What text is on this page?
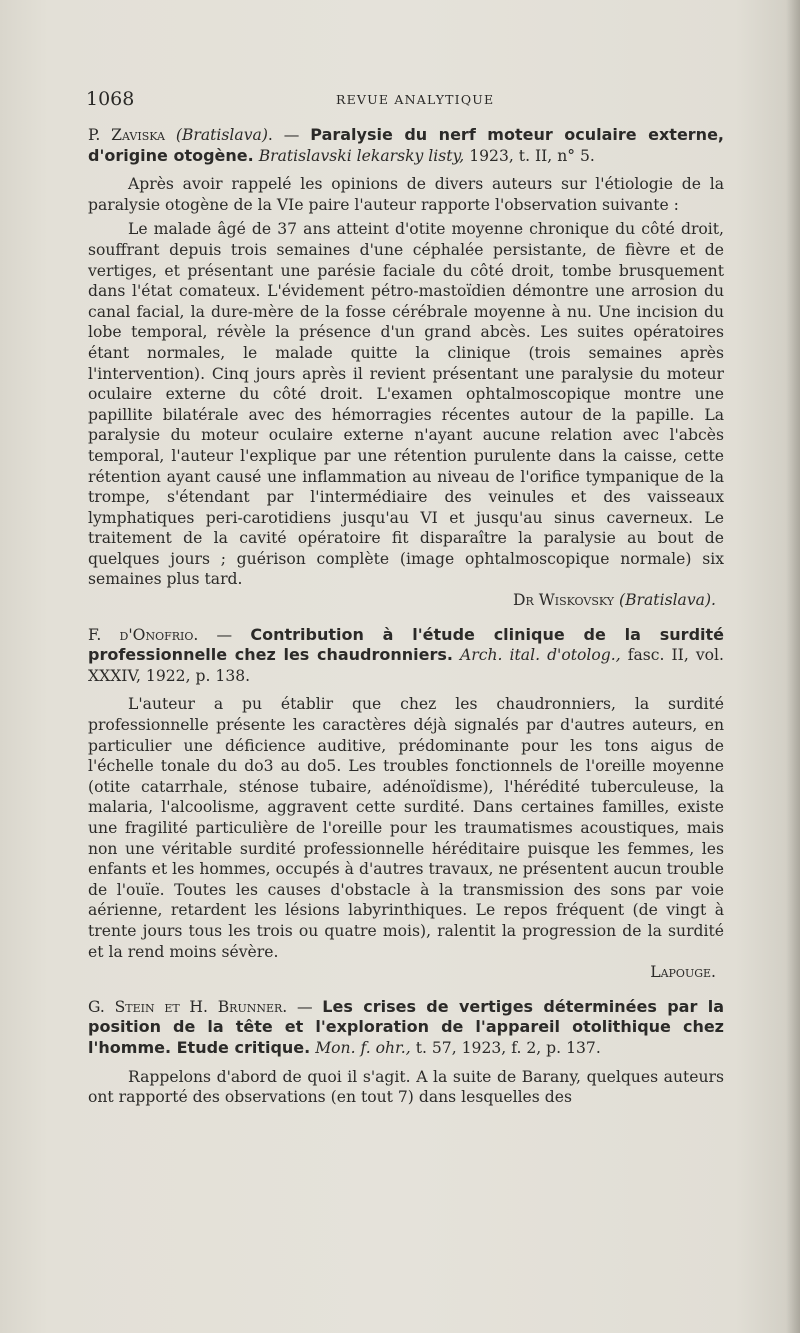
1068	REVUE ANALYTIQUE

P. Zaviska (Bratislava). — Paralysie du nerf moteur oculaire externe, d'origine otogène. Bratislavski lekarsky listy, 1923, t. II, n° 5.

Après avoir rappelé les opinions de divers auteurs sur l'étiologie de la paralysie otogène de la VIe paire l'auteur rapporte l'observation suivante :

Le malade âgé de 37 ans atteint d'otite moyenne chronique du côté droit, souffrant depuis trois semaines d'une céphalée persistante, de fièvre et de vertiges, et présentant une parésie faciale du côté droit, tombe brusquement dans l'état comateux. L'évidement pétro-mastoïdien démontre une arrosion du canal facial, la dure-mère de la fosse cérébrale moyenne à nu. Une incision du lobe temporal, révèle la présence d'un grand abcès. Les suites opératoires étant normales, le malade quitte la clinique (trois semaines après l'intervention). Cinq jours après il revient présentant une paralysie du moteur oculaire externe du côté droit. L'examen ophtalmoscopique montre une papillite bilatérale avec des hémorragies récentes autour de la papille. La paralysie du moteur oculaire externe n'ayant aucune relation avec l'abcès temporal, l'auteur l'explique par une rétention purulente dans la caisse, cette rétention ayant causé une inflammation au niveau de l'orifice tympanique de la trompe, s'étendant par l'intermédiaire des veinules et des vaisseaux lymphatiques peri-carotidiens jusqu'au VI et jusqu'au sinus caverneux. Le traitement de la cavité opératoire fit disparaître la paralysie au bout de quelques jours ; guérison complète (image ophtalmoscopique normale) six semaines plus tard.

Dr Wiskovsky (Bratislava).

F. d'Onofrio. — Contribution à l'étude clinique de la surdité professionnelle chez les chaudronniers. Arch. ital. d'otolog., fasc. II, vol. XXXIV, 1922, p. 138.

L'auteur a pu établir que chez les chaudronniers, la surdité professionnelle présente les caractères déjà signalés par d'autres auteurs, en particulier une déficience auditive, prédominante pour les tons aigus de l'échelle tonale du do3 au do5. Les troubles fonctionnels de l'oreille moyenne (otite catarrhale, sténose tubaire, adénoïdisme), l'hérédité tuberculeuse, la malaria, l'alcoolisme, aggravent cette surdité. Dans certaines familles, existe une fragilité particulière de l'oreille pour les traumatismes acoustiques, mais non une véritable surdité professionnelle héréditaire puisque les femmes, les enfants et les hommes, occupés à d'autres travaux, ne présentent aucun trouble de l'ouïe. Toutes les causes d'obstacle à la transmission des sons par voie aérienne, retardent les lésions labyrinthiques. Le repos fréquent (de vingt à trente jours tous les trois ou quatre mois), ralentit la progression de la surdité et la rend moins sévère.

Lapouge.

G. Stein et H. Brunner. — Les crises de vertiges déterminées par la position de la tête et l'exploration de l'appareil otolithique chez l'homme. Etude critique. Mon. f. ohr., t. 57, 1923, f. 2, p. 137.

Rappelons d'abord de quoi il s'agit. A la suite de Barany, quelques auteurs ont rapporté des observations (en tout 7) dans lesquelles des
